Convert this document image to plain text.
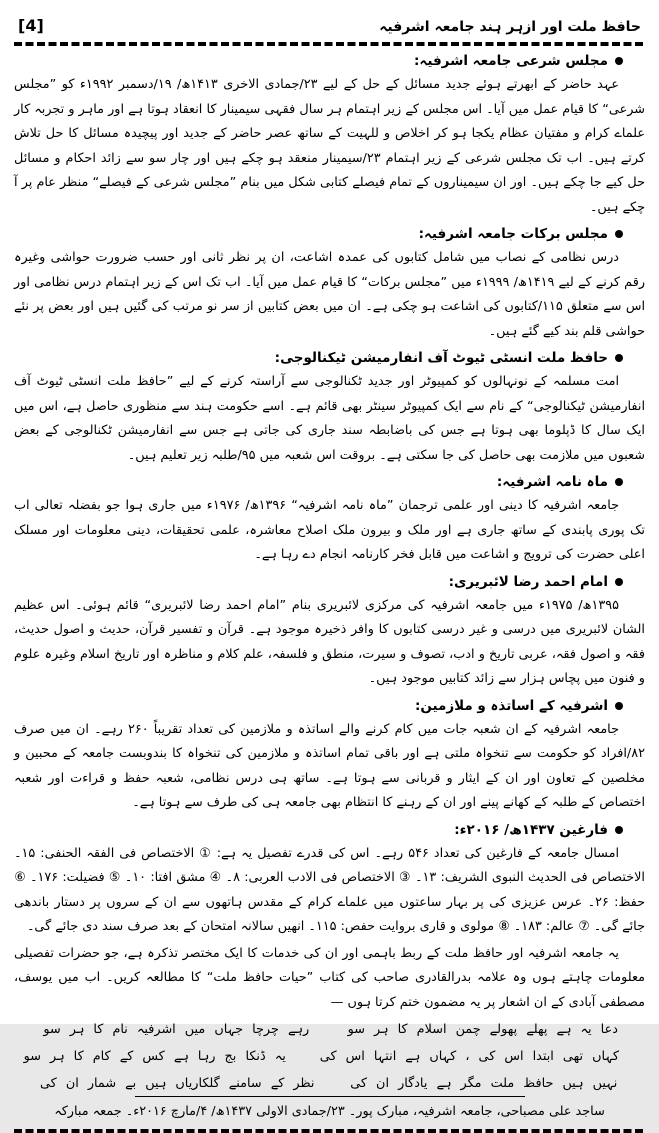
حافظ ملت اور ازہر ہند جامعہ اشرفیہ
[4]
مجلس شرعی جامعہ اشرفیہ:

عہد حاضر کے ابھرتے ہوئے جدید مسائل کے حل کے لیے ۲۳/جمادی الاخری ۱۴۱۳ھ/ ۱۹/دسمبر ۱۹۹۲ء کو ”مجلس شرعی“ کا قیام عمل میں آیا۔ اس مجلس کے زیر اہتمام ہر سال فقہی سیمینار کا انعقاد ہوتا ہے اور ماہر و تجربہ کار علماے کرام و مفتیان عظام یکجا ہو کر اخلاص و للہیت کے ساتھ عصر حاضر کے جدید اور پیچیدہ مسائل کا حل تلاش کرتے ہیں۔ اب تک مجلس شرعی کے زیر اہتمام ۲۳/سیمینار منعقد ہو چکے ہیں اور چار سو سے زائد احکام و مسائل حل کیے جا چکے ہیں۔ اور ان سیمیناروں کے تمام فیصلے کتابی شکل میں بنام ”مجلس شرعی کے فیصلے“ منظر عام پر آ چکے ہیں۔

مجلس برکات جامعہ اشرفیہ:

درس نظامی کے نصاب میں شامل کتابوں کی عمدہ اشاعت، ان پر نظر ثانی اور حسب ضرورت حواشی وغیرہ رقم کرنے کے لیے ۱۴۱۹ھ/ ۱۹۹۹ء میں ”مجلس برکات“ کا قیام عمل میں آیا۔ اب تک اس کے زیر اہتمام درس نظامی اور اس سے متعلق ۱۱۵/کتابوں کی اشاعت ہو چکی ہے۔ ان میں بعض کتابیں از سر نو مرتب کی گئیں ہیں اور بعض پر نئے حواشی قلم بند کیے گئے ہیں۔

حافظ ملت انسٹی ٹیوٹ آف انفارمیشن ٹیکنالوجی:

امت مسلمہ کے نونہالوں کو کمپیوٹر اور جدید ٹکنالوجی سے آراستہ کرنے کے لیے ”حافظ ملت انسٹی ٹیوٹ آف انفارمیشن ٹیکنالوجی“ کے نام سے ایک کمپیوٹر سینٹر بھی قائم ہے۔ اسے حکومت ہند سے منظوری حاصل ہے، اس میں ایک سال کا ڈپلوما بھی ہوتا ہے جس کی باضابطہ سند جاری کی جاتی ہے جس سے انفارمیشن ٹکنالوجی کے بعض شعبوں میں ملازمت بھی حاصل کی جا سکتی ہے۔ بروقت اس شعبہ میں ۹۵/طلبہ زیر تعلیم ہیں۔

ماہ نامہ اشرفیہ:

جامعہ اشرفیہ کا دینی اور علمی ترجمان ”ماہ نامہ اشرفیہ“ ۱۳۹۶ھ/ ۱۹۷۶ء میں جاری ہوا جو بفضلہ تعالی اب تک پوری پابندی کے ساتھ جاری ہے اور ملک و بیرون ملک اصلاح معاشرہ، علمی تحقیقات، دینی معلومات اور مسلک اعلی حضرت کی ترویج و اشاعت میں قابل فخر کارنامہ انجام دے رہا ہے۔

امام احمد رضا لائبریری:

۱۳۹۵ھ/ ۱۹۷۵ء میں جامعہ اشرفیہ کی مرکزی لائبریری بنام ”امام احمد رضا لائبریری“ قائم ہوئی۔ اس عظیم الشان لائبریری میں درسی و غیر درسی کتابوں کا وافر ذخیرہ موجود ہے۔ قرآن و تفسیر قرآن، حدیث و اصول حدیث، فقہ و اصول فقہ، عربی تاریخ و ادب، تصوف و سیرت، منطق و فلسفہ، علم کلام و مناظرہ اور تاریخ اسلام وغیرہ علوم و فنون میں پچاس ہزار سے زائد کتابیں موجود ہیں۔

اشرفیہ کے اساتذہ و ملازمین:

جامعہ اشرفیہ کے ان شعبہ جات میں کام کرنے والے اساتذہ و ملازمین کی تعداد تقریباً ۲۶۰ رہے۔ ان میں صرف ۸۲/افراد کو حکومت سے تنخواہ ملتی ہے اور باقی تمام اساتذہ و ملازمین کی تنخواہ کا بندوبست جامعہ کے محبین و مخلصین کے تعاون اور ان کے ایثار و قربانی سے ہوتا ہے۔ ساتھ ہی درس نظامی، شعبہ حفظ و قراءت اور شعبہ اختصاص کے طلبہ کے کھانے پینے اور ان کے رہنے کا انتظام بھی جامعہ ہی کی طرف سے ہوتا ہے۔

فارغین ۱۴۳۷ھ/ ۲۰۱۶ء:

امسال جامعہ کے فارغین کی تعداد ۵۴۶ رہے۔ اس کی قدرے تفصیل یہ ہے: ① الاختصاص فی الفقہ الحنفی: ۱۵۔ الاختصاص فی الحدیث النبوی الشریف: ۱۳۔ ③ الاختصاص فی الادب العربی: ۸۔ ④ مشق افتا: ۱۰۔ ⑤ فضیلت: ۱۷۶۔ ⑥ حفظ: ۲۶۔ عرس عزیزی کی پر بہار ساعتوں میں علماے کرام کے مقدس ہاتھوں سے ان کے سروں پر دستار باندھی جائے گی۔ ⑦ عالم: ۱۸۳۔ ⑧ مولوی و قاری بروایت حفص: ۱۱۵۔ انھیں سالانہ امتحان کے بعد صرف سند دی جائے گی۔

یہ جامعہ اشرفیہ اور حافظ ملت کے ربط باہمی اور ان کی خدمات کا ایک مختصر تذکرہ ہے، جو حضرات تفصیلی معلومات چاہتے ہوں وہ علامہ بدرالقادری صاحب کی کتاب ”حیات حافظ ملت“ کا مطالعہ کریں۔ اب میں یوسف، مصطفی آبادی کے ان اشعار پر یہ مضمون ختم کرتا ہوں —

دعا یہ ہے پھلے پھولے چمن اسلام کا ہر سو
رہے چرچا جہاں میں اشرفیہ نام کا ہر سو
کہاں تھی ابتدا اس کی ، کہاں ہے انتہا اس کی
یہ ڈنکا بج رہا ہے کس کے کام کا ہر سو
نہیں ہیں حافظ ملت مگر ہے یادگار ان کی
نظر کے سامنے گلکاریاں ہیں بے شمار ان کی
ساجد علی مصباحی، جامعہ اشرفیہ، مبارک پور۔ ۲۳/جمادی الاولی ۱۴۳۷ھ/ ۴/مارچ ۲۰۱۶ء۔ جمعہ مبارکہ
